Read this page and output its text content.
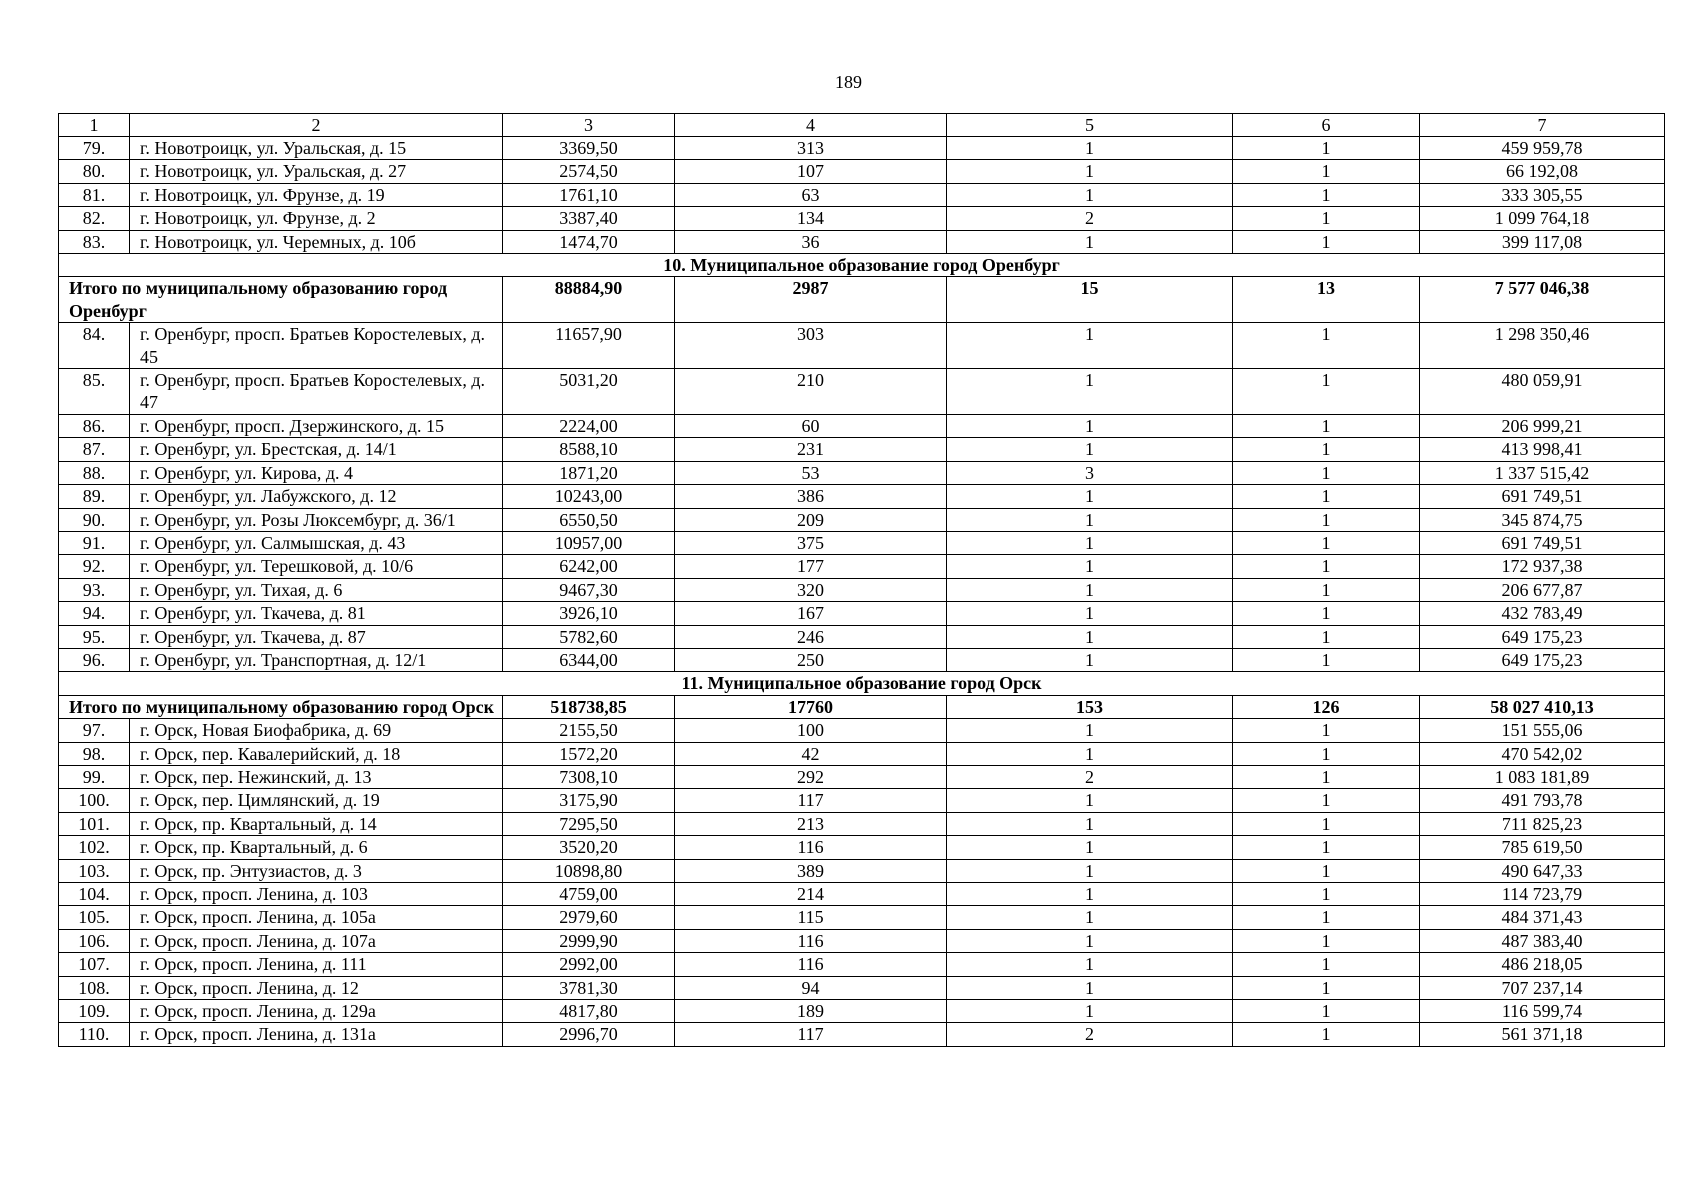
189
1	2	3	4	5	6	7
79.	г. Новотроицк, ул. Уральская, д. 15	3369,50	313	1	1	459 959,78
80.	г. Новотроицк, ул. Уральская, д. 27	2574,50	107	1	1	66 192,08
81.	г. Новотроицк, ул. Фрунзе, д. 19	1761,10	63	1	1	333 305,55
82.	г. Новотроицк, ул. Фрунзе, д. 2	3387,40	134	2	1	1 099 764,18
83.	г. Новотроицк, ул. Черемных, д. 10б	1474,70	36	1	1	399 117,08
10. Муниципальное образование город Оренбург						
Итого по муниципальному образованию город Оренбург		88884,90	2987	15	13	7 577 046,38
84.	г. Оренбург, просп. Братьев Коростелевых, д. 45	11657,90	303	1	1	1 298 350,46
85.	г. Оренбург, просп. Братьев Коростелевых, д. 47	5031,20	210	1	1	480 059,91
86.	г. Оренбург, просп. Дзержинского, д. 15	2224,00	60	1	1	206 999,21
87.	г. Оренбург, ул. Брестская, д. 14/1	8588,10	231	1	1	413 998,41
88.	г. Оренбург, ул. Кирова, д. 4	1871,20	53	3	1	1 337 515,42
89.	г. Оренбург, ул. Лабужского, д. 12	10243,00	386	1	1	691 749,51
90.	г. Оренбург, ул. Розы Люксембург, д. 36/1	6550,50	209	1	1	345 874,75
91.	г. Оренбург, ул. Салмышская, д. 43	10957,00	375	1	1	691 749,51
92.	г. Оренбург, ул. Терешковой, д. 10/6	6242,00	177	1	1	172 937,38
93.	г. Оренбург, ул. Тихая, д. 6	9467,30	320	1	1	206 677,87
94.	г. Оренбург, ул. Ткачева, д. 81	3926,10	167	1	1	432 783,49
95.	г. Оренбург, ул. Ткачева, д. 87	5782,60	246	1	1	649 175,23
96.	г. Оренбург, ул. Транспортная, д. 12/1	6344,00	250	1	1	649 175,23
11. Муниципальное образование город Орск						
Итого по муниципальному образованию город Орск		518738,85	17760	153	126	58 027 410,13
97.	г. Орск, Новая Биофабрика, д. 69	2155,50	100	1	1	151 555,06
98.	г. Орск, пер. Кавалерийский, д. 18	1572,20	42	1	1	470 542,02
99.	г. Орск, пер. Нежинский, д. 13	7308,10	292	2	1	1 083 181,89
100.	г. Орск, пер. Цимлянский, д. 19	3175,90	117	1	1	491 793,78
101.	г. Орск, пр. Квартальный, д. 14	7295,50	213	1	1	711 825,23
102.	г. Орск, пр. Квартальный, д. 6	3520,20	116	1	1	785 619,50
103.	г. Орск, пр. Энтузиастов, д. 3	10898,80	389	1	1	490 647,33
104.	г. Орск, просп. Ленина, д. 103	4759,00	214	1	1	114 723,79
105.	г. Орск, просп. Ленина, д. 105а	2979,60	115	1	1	484 371,43
106.	г. Орск, просп. Ленина, д. 107а	2999,90	116	1	1	487 383,40
107.	г. Орск, просп. Ленина, д. 111	2992,00	116	1	1	486 218,05
108.	г. Орск, просп. Ленина, д. 12	3781,30	94	1	1	707 237,14
109.	г. Орск, просп. Ленина, д. 129а	4817,80	189	1	1	116 599,74
110.	г. Орск, просп. Ленина, д. 131а	2996,70	117	2	1	561 371,18
